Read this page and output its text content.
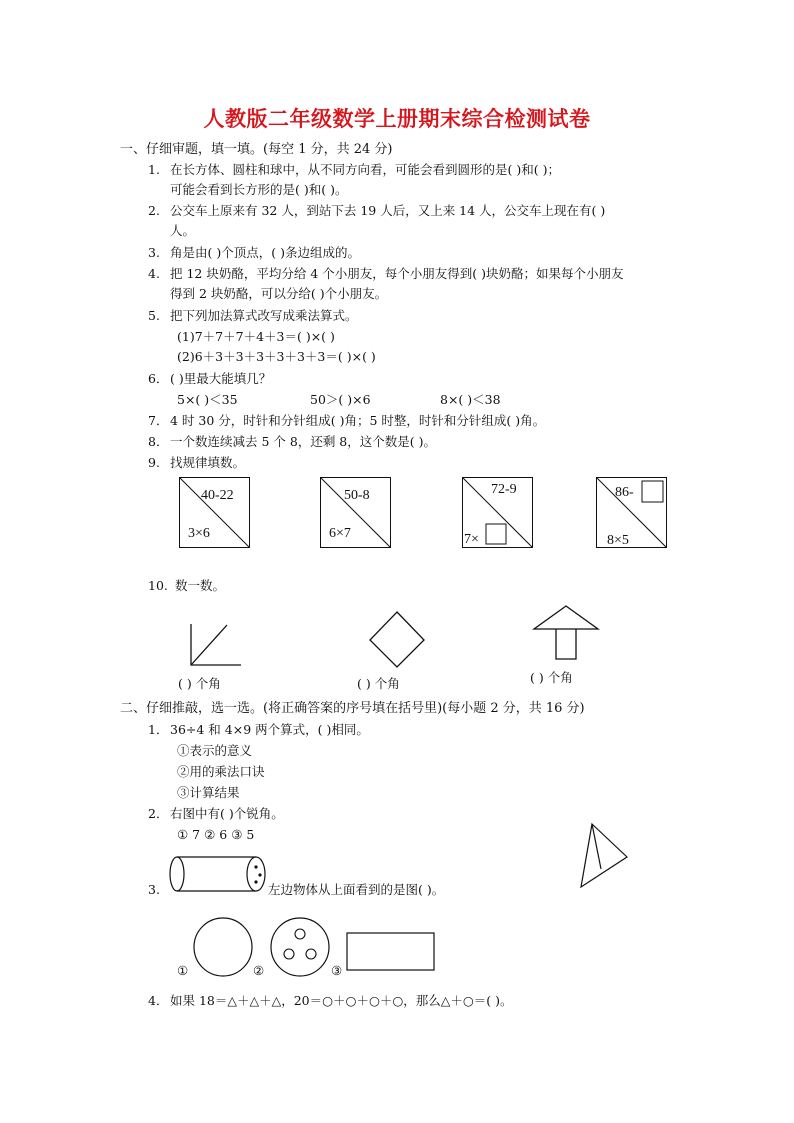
人教版二年级数学上册期末综合检测试卷
一、仔细审题，填一填。(每空 1 分，共 24 分)
1. 在长方体、圆柱和球中，从不同方向看，可能会看到圆形的是( )和( )；
可能会看到长方形的是( )和( )。
2. 公交车上原来有 32 人，到站下去 19 人后，又上来 14 人，公交车上现在有( )
人。
3. 角是由( )个顶点，( )条边组成的。
4. 把 12 块奶酪，平均分给 4 个小朋友，每个小朋友得到( )块奶酪；如果每个小朋友
得到 2 块奶酪，可以分给( )个小朋友。
5. 把下列加法算式改写成乘法算式。
(1)7＋7＋7＋4＋3＝( )×( )
(2)6＋3＋3＋3＋3＋3＋3＝( )×( )
6． ( )里最大能填几？
5×( )＜35	50＞( )×6	8×( )＜38
7． 4 时 30 分，时针和分针组成( )角；5 时整，时针和分针组成( )角。
8． 一个数连续减去 5 个 8，还剩 8，这个数是( )。
9. 找规律填数。
40-22
3×6
50-8
6×7
72-9
7×
86-
8×5
10. 数一数。
( ) 个角	( ) 个角	( ) 个角
二、仔细推敲，选一选。(将正确答案的序号填在括号里)(每小题 2 分，共 16 分)
1． 36÷4 和 4×9 两个算式，( )相同。
①表示的意义
②用的乘法口诀
③计算结果
2． 右图中有( )个锐角。
① 7 ② 6 ③ 5
3.	左边物体从上面看到的是图( )。
①	②	③
4． 如果 18＝△＋△＋△，20＝○＋○＋○＋○，那么△＋○＝( )。
